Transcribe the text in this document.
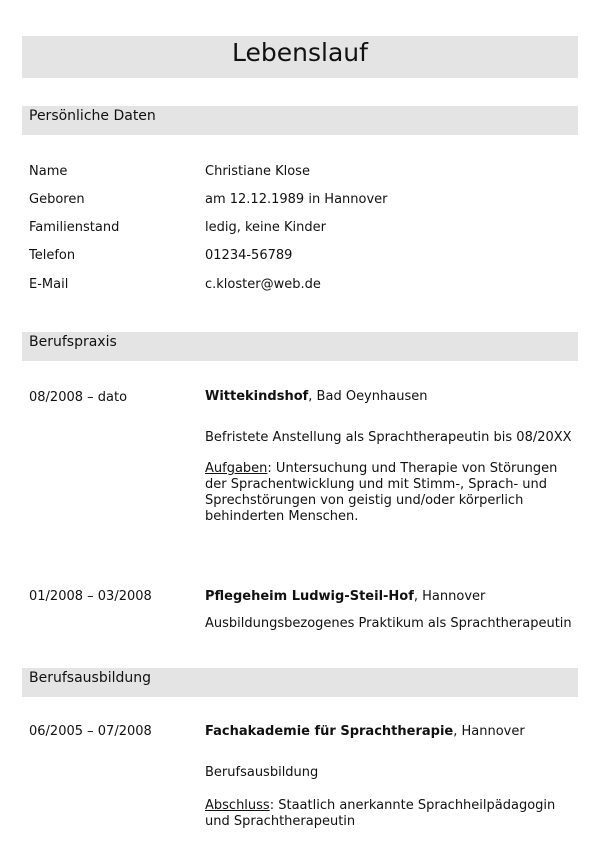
Lebenslauf
Persönliche Daten
Name	Christiane Klose
Geboren	am 12.12.1989 in Hannover
Familienstand	ledig, keine Kinder
Telefon	01234-56789
E-Mail	c.kloster@web.de
Berufspraxis
08/2008 – dato	Wittekindshof, Bad Oeynhausen
Befristete Anstellung als Sprachtherapeutin bis 08/20XX
Aufgaben: Untersuchung und Therapie von Störungen der Sprachentwicklung und mit Stimm-, Sprach- und Sprechstörungen von geistig und/oder körperlich behinderten Menschen.
01/2008 – 03/2008	Pflegeheim Ludwig-Steil-Hof, Hannover
Ausbildungsbezogenes Praktikum als Sprachtherapeutin
Berufsausbildung
06/2005 – 07/2008	Fachakademie für Sprachtherapie, Hannover
Berufsausbildung
Abschluss: Staatlich anerkannte Sprachheilpädagogin und Sprachtherapeutin
